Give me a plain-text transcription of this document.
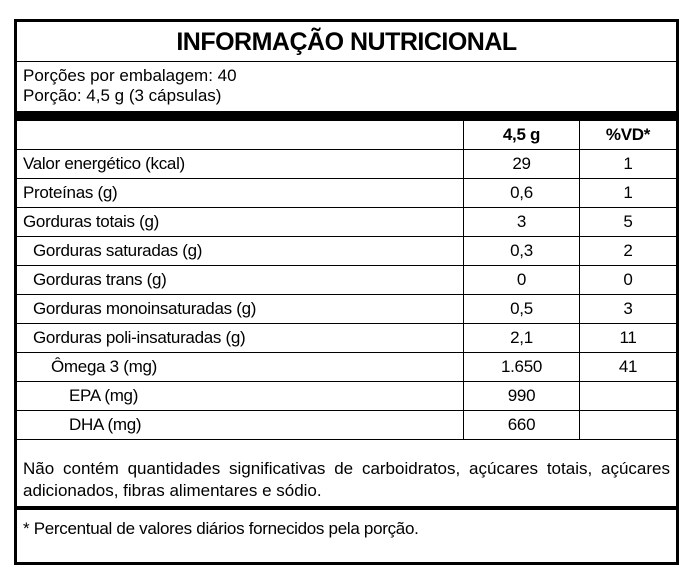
INFORMAÇÃO NUTRICIONAL
Porções por embalagem: 40
Porção: 4,5 g (3 cápsulas)
	4,5 g	%VD*
Valor energético (kcal)	29	1
Proteínas (g)	0,6	1
Gorduras totais (g)	3	5
Gorduras saturadas (g)	0,3	2
Gorduras trans (g)	0	0
Gorduras monoinsaturadas (g)	0,5	3
Gorduras poli-insaturadas (g)	2,1	11
Ômega 3 (mg)	1.650	41
EPA (mg)	990	
DHA (mg)	660	
Não contém quantidades significativas de carboidratos, açúcares totais, açúcares adicionados, fibras alimentares e sódio.
* Percentual de valores diários fornecidos pela porção.
